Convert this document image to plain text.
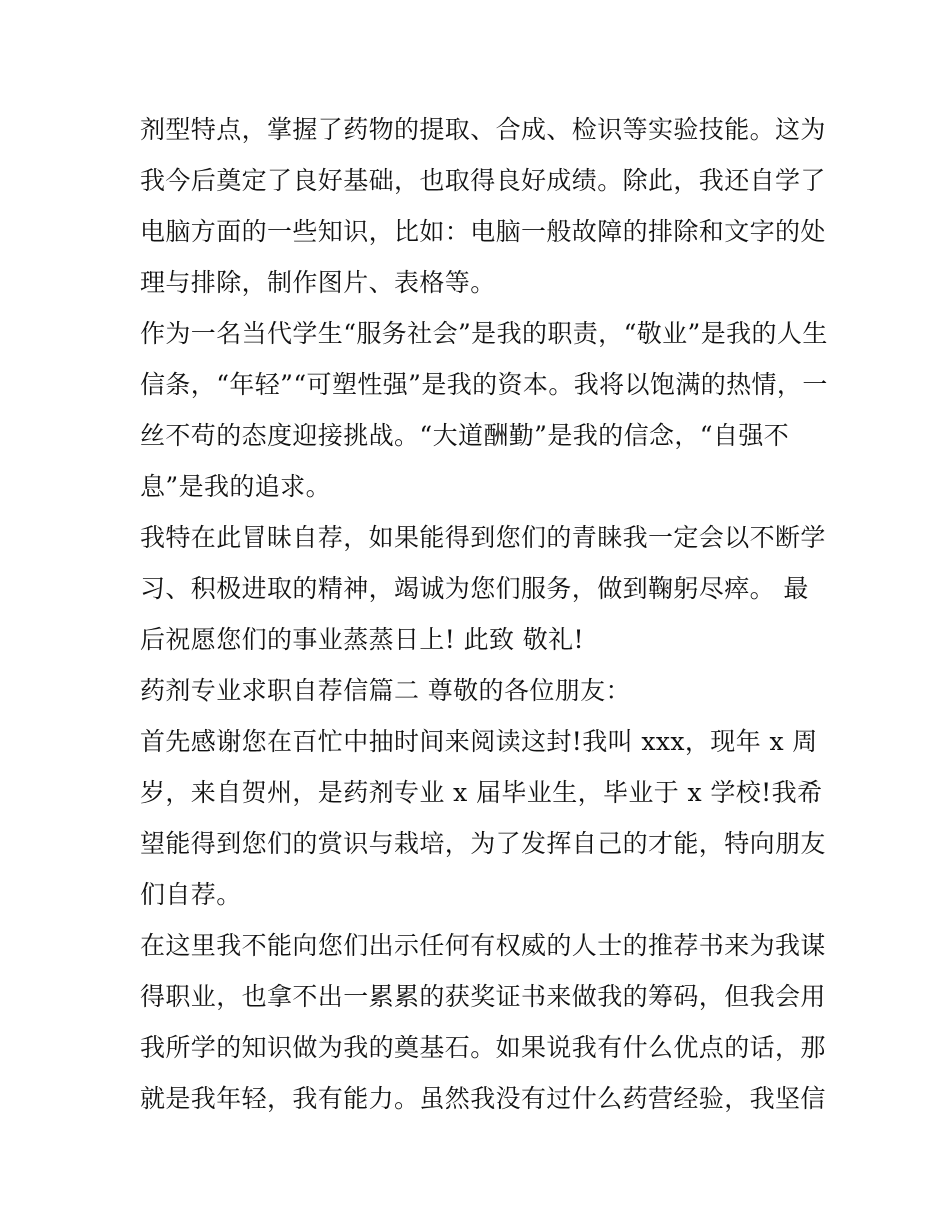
剂型特点，掌握了药物的提取、合成、检识等实验技能。这为
我今后奠定了良好基础，也取得良好成绩。除此，我还自学了
电脑方面的一些知识，比如：电脑一般故障的排除和文字的处
理与排除，制作图片、表格等。
作为一名当代学生“服务社会”是我的职责，“敬业”是我的人生
信条，“年轻”“可塑性强”是我的资本。我将以饱满的热情，一
丝不苟的态度迎接挑战。“大道酬勤”是我的信念，“自强不
息”是我的追求。
我特在此冒昧自荐，如果能得到您们的青睐我一定会以不断学
习、积极进取的精神，竭诚为您们服务，做到鞠躬尽瘁。 最
后祝愿您们的事业蒸蒸日上! 此致 敬礼!
药剂专业求职自荐信篇二 尊敬的各位朋友：
首先感谢您在百忙中抽时间来阅读这封!我叫 xxx，现年 x 周
岁，来自贺州，是药剂专业 x 届毕业生，毕业于 x 学校!我希
望能得到您们的赏识与栽培，为了发挥自己的才能，特向朋友
们自荐。
在这里我不能向您们出示任何有权威的人士的推荐书来为我谋
得职业，也拿不出一累累的获奖证书来做我的筹码，但我会用
我所学的知识做为我的奠基石。如果说我有什么优点的话，那
就是我年轻，我有能力。虽然我没有过什么药营经验，我坚信
